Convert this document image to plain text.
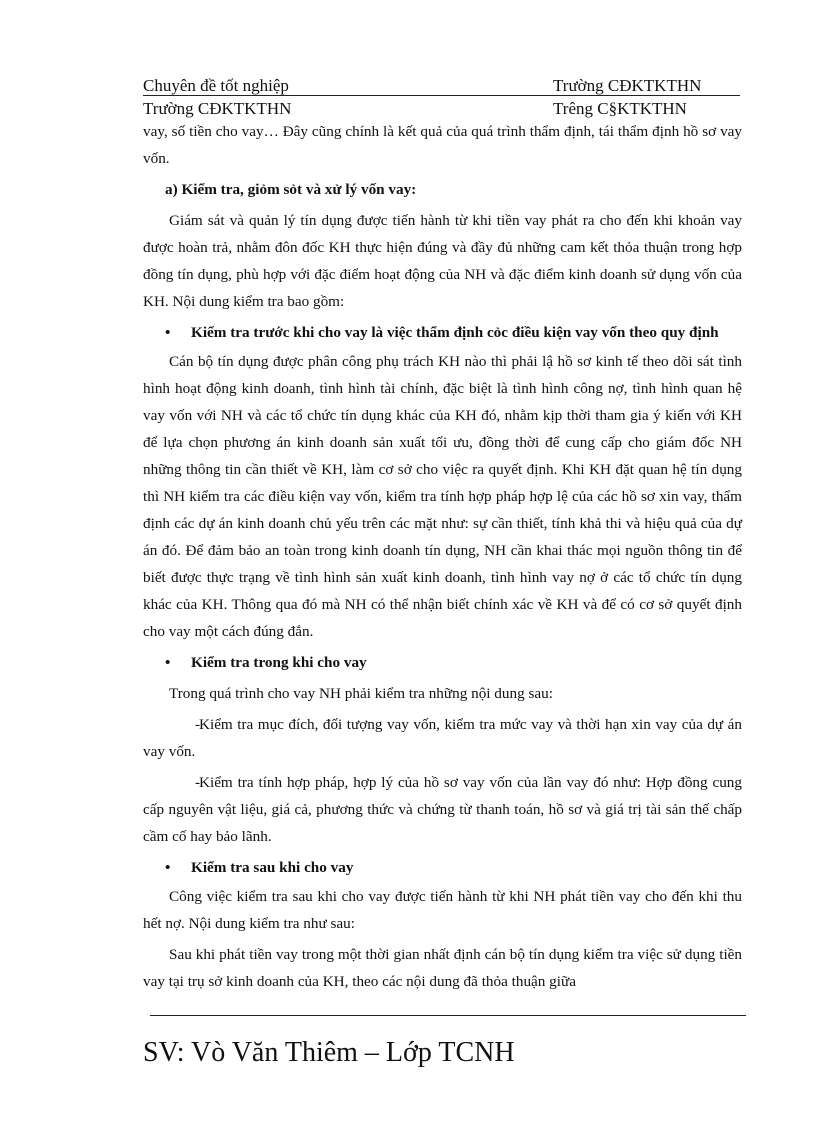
Chuyên đề tốt nghiệp	Trường CĐKTKTHN
Trường CĐKTKTHN	Trêng C§KTKTHN

vay, số tiền cho vay… Đây cũng chính là kết quả của quá trình thẩm định, tái thẩm định hồ sơ vay vốn.

a) Kiểm tra, giỏm sỏt và xử lý vốn vay:

Giám sát và quản lý tín dụng được tiến hành từ khi tiền vay phát ra cho đến khi khoản vay được hoàn trả, nhằm đôn đốc KH thực hiện đúng và đầy đủ những cam kết thỏa thuận trong hợp đồng tín dụng, phù hợp với đặc điểm hoạt động của NH và đặc điểm kinh doanh sử dụng vốn của KH. Nội dung kiểm tra bao gồm:

• Kiểm tra trước khi cho vay là việc thẩm định cỏc điều kiện vay vốn theo quy định

Cán bộ tín dụng được phân công phụ trách KH nào thì phải lậ hồ sơ kinh tế theo dõi sát tình hình hoạt động kinh doanh, tình hình tài chính, đặc biệt là tình hình công nợ, tình hình quan hệ vay vốn với NH và các tổ chức tín dụng khác của KH đó, nhằm kịp thời tham gia ý kiến với KH để lựa chọn phương án kinh doanh sản xuất tối ưu, đồng thời để cung cấp cho giám đốc NH những thông tin cần thiết về KH, làm cơ sở cho việc ra quyết định. Khi KH đặt quan hệ tín dụng thì NH kiểm tra các điều kiện vay vốn, kiểm tra tính hợp pháp hợp lệ của các hồ sơ xin vay, thẩm định các dự án kinh doanh chủ yếu trên các mặt như: sự cần thiết, tính khả thi và hiệu quả của dự án đó. Để đảm bảo an toàn trong kinh doanh tín dụng, NH cần khai thác mọi nguồn thông tin để biết được thực trạng về tình hình sản xuất kinh doanh, tình hình vay nợ ở các tổ chức tín dụng khác của KH. Thông qua đó mà NH có thể nhận biết chính xác về KH và để có cơ sở quyết định cho vay một cách đúng đắn.

• Kiểm tra trong khi cho vay

Trong quá trình cho vay NH phải kiểm tra những nội dung sau:

-Kiểm tra mục đích, đối tượng vay vốn, kiểm tra mức vay và thời hạn xin vay của dự án vay vốn.

-Kiểm tra tính hợp pháp, hợp lý của hồ sơ vay vốn của lần vay đó như: Hợp đồng cung cấp nguyên vật liệu, giá cả, phương thức và chứng từ thanh toán, hồ sơ và giá trị tài sản thế chấp cầm cố hay bảo lãnh.

• Kiểm tra sau khi cho vay

Công việc kiểm tra sau khi cho vay được tiến hành từ khi NH phát tiền vay cho đến khi thu hết nợ. Nội dung kiểm tra như sau:

Sau khi phát tiền vay trong một thời gian nhất định cán bộ tín dụng kiểm tra việc sử dụng tiền vay tại trụ sở kinh doanh của KH, theo các nội dung đã thỏa thuận giữa

SV: Vò Văn Thiêm – Lớp TCNH
